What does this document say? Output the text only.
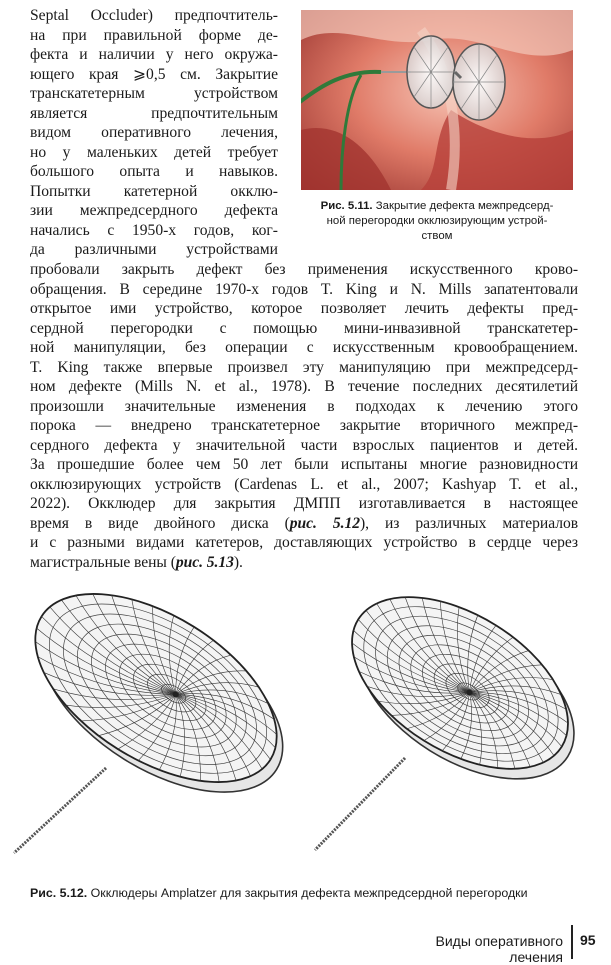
Septal Occluder) предпочтитель-
на при правильной форме де-
фекта и наличии у него окружа-
ющего края ⩾0,5 см. Закрытие
транскатетерным устройством
является предпочтительным
видом оперативного лечения,
но у маленьких детей требует
большого опыта и навыков.
Попытки катетерной окклю-
зии межпредсердного дефекта
начались с 1950-х годов, ког-
да различными устройствами

Рис. 5.11. Закрытие дефекта межпредсерд-
ной перегородки окклюзирующим устрой-
ством

пробовали закрыть дефект без применения искусственного крово-
обращения. В середине 1970-х годов T. King и N. Mills запатентовали
открытое ими устройство, которое позволяет лечить дефекты пред-
сердной перегородки с помощью мини-инвазивной транскатетер-
ной манипуляции, без операции с искусственным кровообращением.
T. King также впервые произвел эту манипуляцию при межпредсерд-
ном дефекте (Mills N. et al., 1978). В течение последних десятилетий
произошли значительные изменения в подходах к лечению этого
порока — внедрено транскатетерное закрытие вторичного межпред-
сердного дефекта у значительной части взрослых пациентов и детей.
За прошедшие более чем 50 лет были испытаны многие разновидности
окклюзирующих устройств (Cardenas L. et al., 2007; Kashyap T. et al.,
2022). Окклюдер для закрытия ДМПП изготавливается в настоящее
время в виде двойного диска (рис. 5.12), из различных материалов
и с разными видами катетеров, доставляющих устройство в сердце через
магистральные вены (рис. 5.13).

Рис. 5.12. Окклюдеры Amplatzer для закрытия дефекта межпредсердной перегородки

Виды оперативного лечения
95
